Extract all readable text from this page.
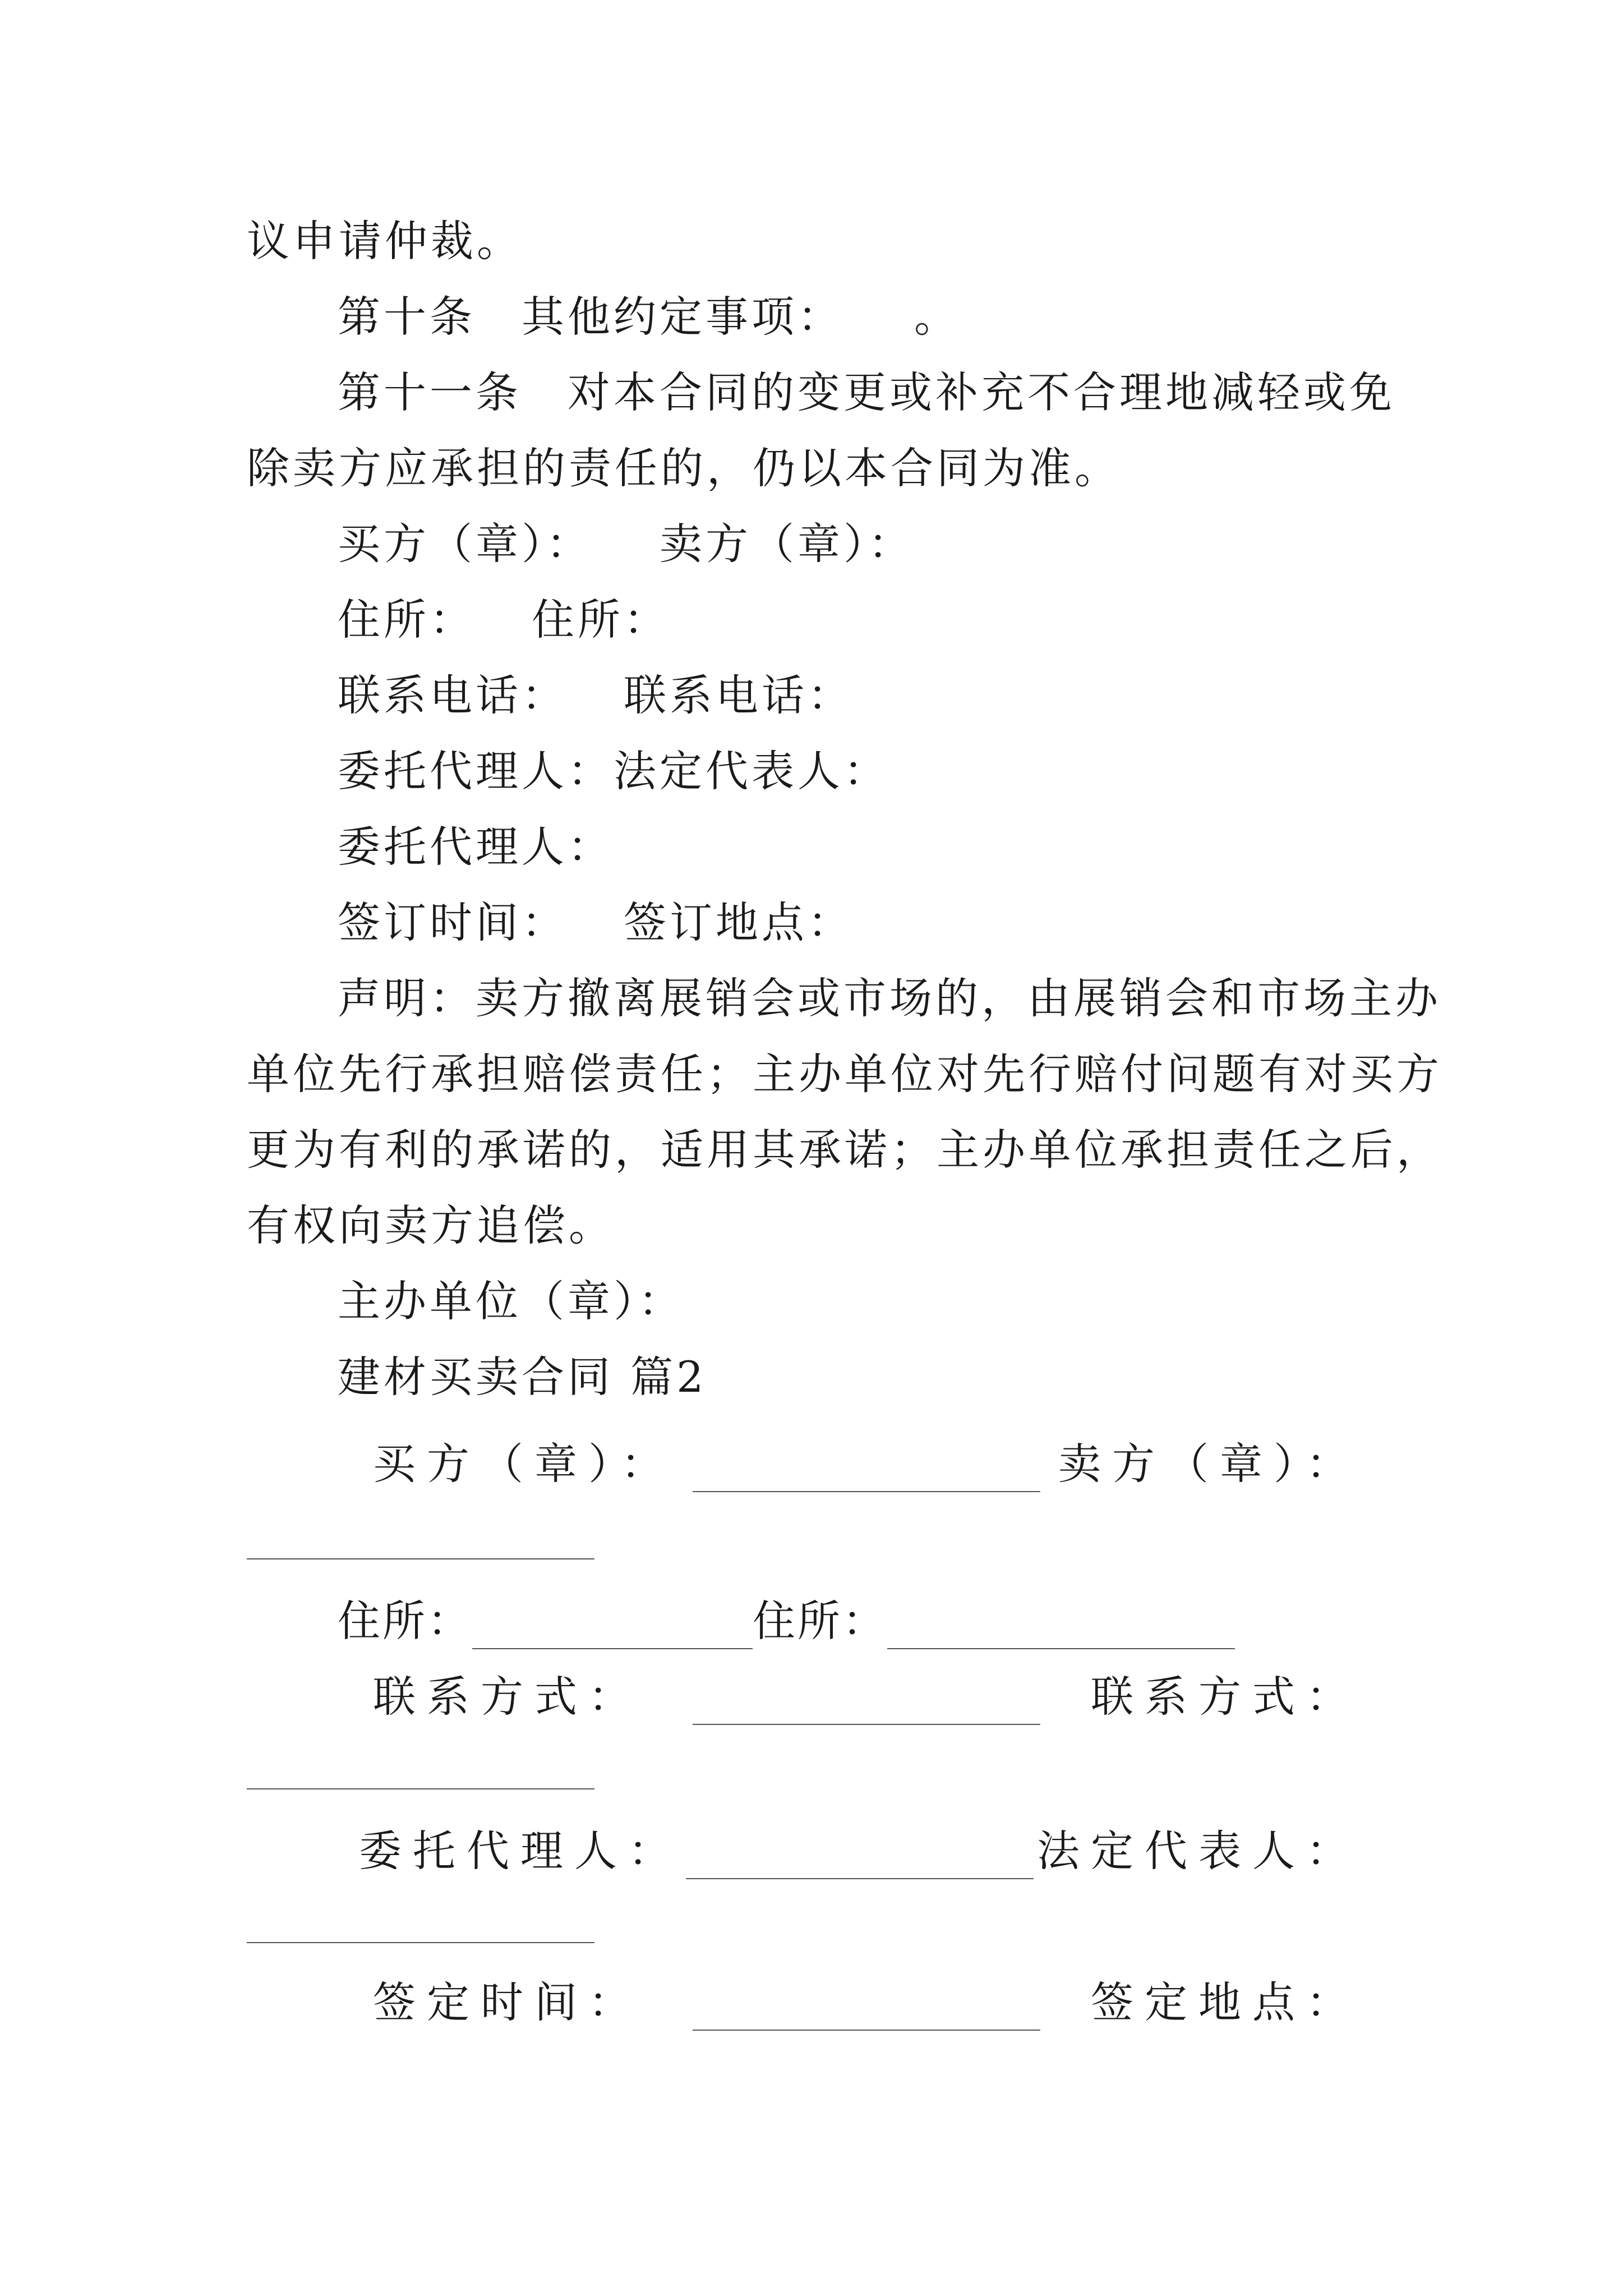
议申请仲裁。
第十条　其他约定事项：　　。
第十一条　对本合同的变更或补充不合理地减轻或免
除卖方应承担的责任的，仍以本合同为准。
买方（章）： 卖方（章）：
住所： 住所：
联系电话： 联系电话：
委托代理人：法定代表人：
委托代理人：
签订时间： 签订地点：
声明：卖方撤离展销会或市场的，由展销会和市场主办
单位先行承担赔偿责任；主办单位对先行赔付问题有对买方
更为有利的承诺的，适用其承诺；主办单位承担责任之后，
有权向卖方追偿。
主办单位（章）：
建材买卖合同 篇2
买方（章）：	卖方（章）：
住所：	住所：
联系方式：	联系方式：
委托代理人：	法定代表人：
签定时间：	签定地点：
